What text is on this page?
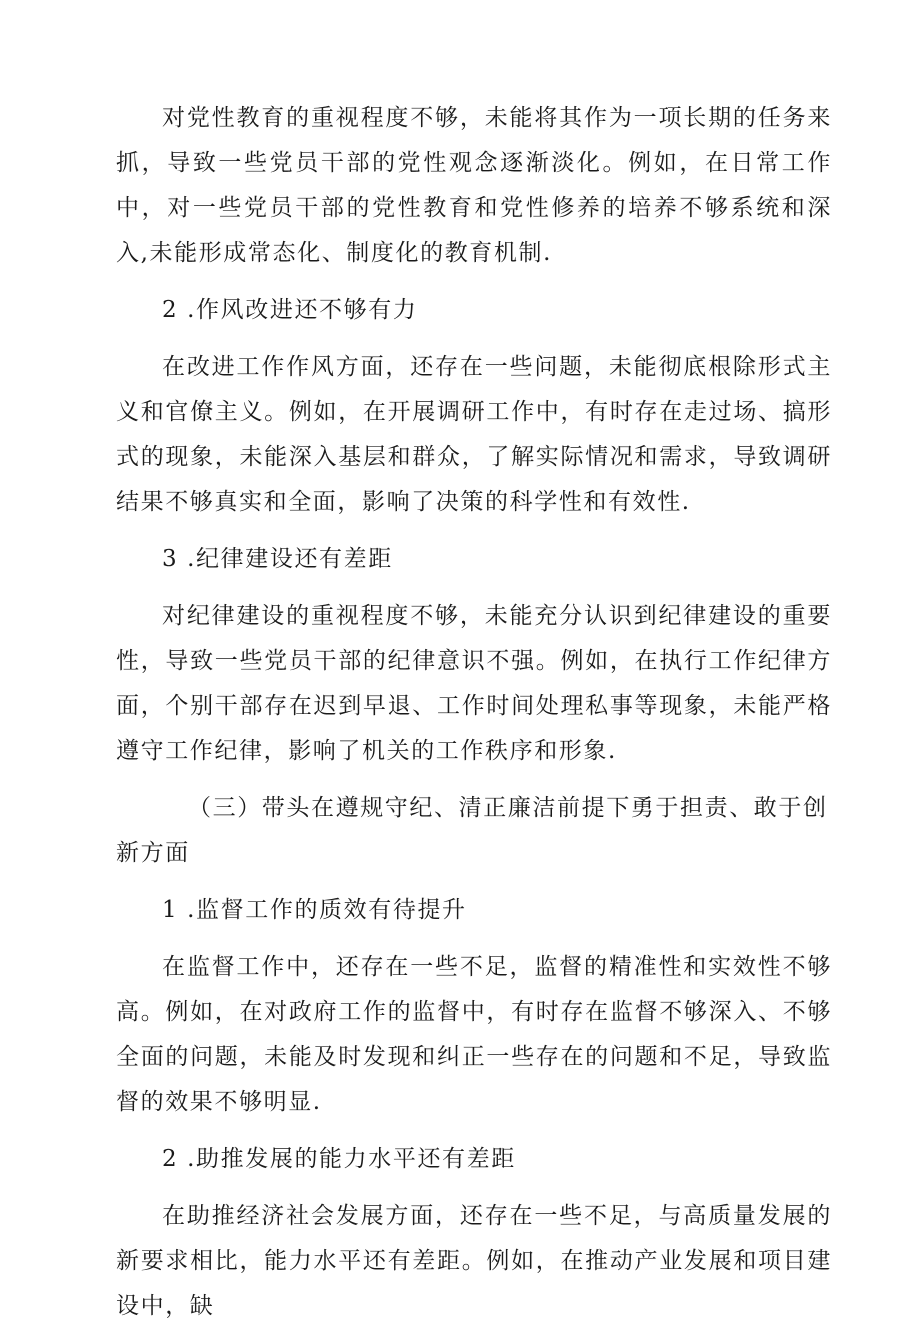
对党性教育的重视程度不够，未能将其作为一项长期的任务来抓，导致一些党员干部的党性观念逐渐淡化。例如，在日常工作中，对一些党员干部的党性教育和党性修养的培养不够系统和深入,未能形成常态化、制度化的教育机制.

2 .作风改进还不够有力

在改进工作作风方面，还存在一些问题，未能彻底根除形式主义和官僚主义。例如，在开展调研工作中，有时存在走过场、搞形式的现象，未能深入基层和群众，了解实际情况和需求，导致调研结果不够真实和全面，影响了决策的科学性和有效性.

3 .纪律建设还有差距

对纪律建设的重视程度不够，未能充分认识到纪律建设的重要性，导致一些党员干部的纪律意识不强。例如，在执行工作纪律方面，个别干部存在迟到早退、工作时间处理私事等现象，未能严格遵守工作纪律，影响了机关的工作秩序和形象.

（三）带头在遵规守纪、清正廉洁前提下勇于担责、敢于创新方面

1 .监督工作的质效有待提升

在监督工作中，还存在一些不足，监督的精准性和实效性不够高。例如，在对政府工作的监督中，有时存在监督不够深入、不够全面的问题，未能及时发现和纠正一些存在的问题和不足，导致监督的效果不够明显.

2 .助推发展的能力水平还有差距

在助推经济社会发展方面，还存在一些不足，与高质量发展的新要求相比，能力水平还有差距。例如，在推动产业发展和项目建设中，缺
